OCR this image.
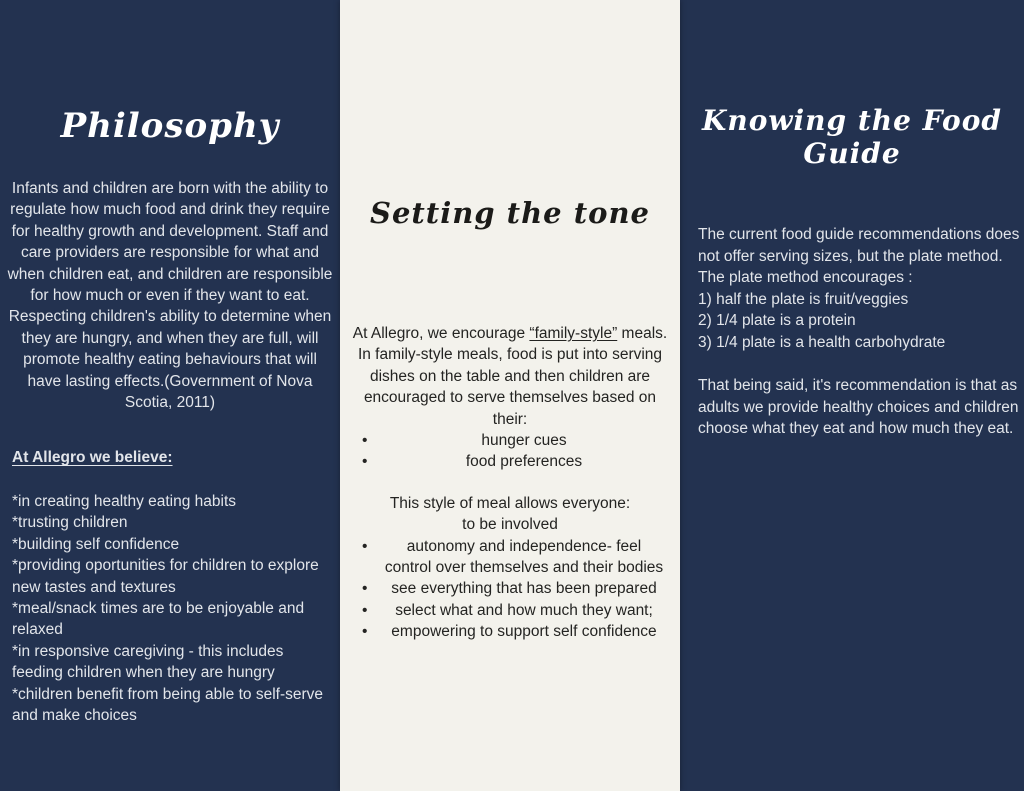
Philosophy

Infants and children are born with the ability to regulate how much food and drink they require for healthy growth and development. Staff and care providers are responsible for what and when children eat, and children are responsible for how much or even if they want to eat. Respecting children's ability to determine when they are hungry, and when they are full, will promote healthy eating behaviours that will have lasting effects.(Government of Nova Scotia, 2011)

At Allegro we believe:
*in creating healthy eating habits
*trusting children
*building self confidence
*providing oportunities for children to explore new tastes and textures
*meal/snack times are to be enjoyable and relaxed
*in responsive caregiving - this includes feeding children when they are hungry
*children benefit from being able to self-serve and make choices
Setting the tone

At Allegro, we encourage “family-style” meals. In family-style meals, food is put into serving dishes on the table and then children are encouraged to serve themselves based on their:

•	hunger cues
•	food preferences
This style of meal allows everyone:
to be involved
•	autonomy and independence- feel control over themselves and their bodies
•	see everything that has been prepared
•	select what and how much they want;
•	empowering to support self confidence
Knowing the Food Guide

The current food guide recommendations does not offer serving sizes, but the plate method.

The plate method encourages :

1) half the plate is fruit/veggies
2) 1/4 plate is a protein
3) 1/4 plate is a health carbohydrate

That being said, it's recommendation is that as adults we provide healthy choices and children choose what they eat and how much they eat.
